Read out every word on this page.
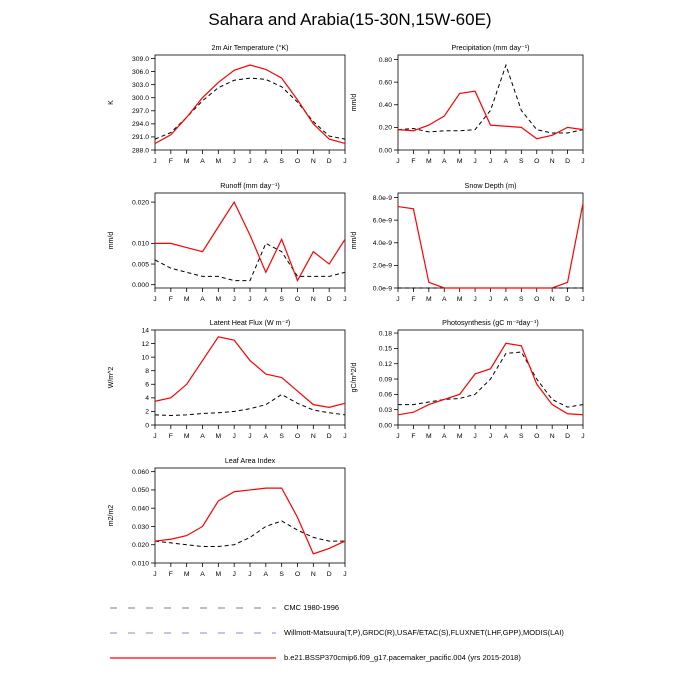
Sahara and Arabia(15-30N,15W-60E)
288.0
291.0
294.0
297.0
300.0
303.0
306.0
309.0
J F M A M J J A S O N D J
2m Air Temperature (°K)
K
0.00
0.20
0.40
0.60
0.80
J F M A M J J A S O N D J
Precipitation (mm day⁻¹)
mm/d
0.000
0.005
0.010
0.020
J F M A M J J A S O N D J
Runoff (mm day⁻¹)
mm/d
0.0e-9
2.0e-9
4.0e-9
6.0e-9
8.0e-9
J F M A M J J A S O N D J
Snow Depth (m)
mm/d
0
2
4
6
8
10
12
14
J F M A M J J A S O N D J
Latent Heat Flux (W m⁻²)
W/m^2
0.00
0.03
0.06
0.09
0.12
0.15
0.18
J F M A M J J A S O N D J
Photosynthesis (gC m⁻²day⁻¹)
gC/m^2/d
0.010
0.020
0.030
0.040
0.050
0.060
J F M A M J J A S O N D J
Leaf Area Index
m2/m2
CMC 1980-1996
Willmott-Matsuura(T,P),GRDC(R),USAF/ETAC(S),FLUXNET(LHF,GPP),MODIS(LAI)
b.e21.BSSP370cmip6.f09_g17.pacemaker_pacific.004 (yrs 2015-2018)
